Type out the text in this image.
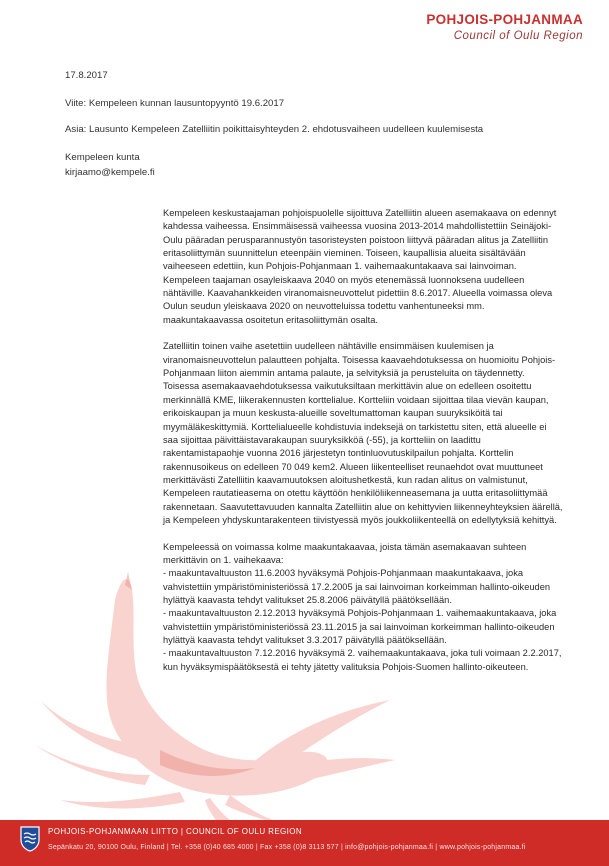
POHJOIS-POHJANMAA
Council of Oulu Region
17.8.2017
Viite: Kempeleen kunnan lausuntopyyntö 19.6.2017
Asia: Lausunto Kempeleen Zatelliitin poikittaisyhteyden 2. ehdotusvaiheen uudelleen kuulemisesta
Kempeleen kunta
kirjaamo@kempele.fi

Kempeleen keskustaajaman pohjoispuolelle sijoittuva Zatelliitin alueen asemakaava on edennyt kahdessa vaiheessa. Ensimmäisessä vaiheessa vuosina 2013-2014 mahdollistettiin Seinäjoki-Oulu pääradan perusparannustyön tasoristeysten poistoon liittyvä pääradan alitus ja Zatelliitin eritasoliittymän suunnittelun eteenpäin vieminen. Toiseen, kaupallisia alueita sisältävään vaiheeseen edettiin, kun Pohjois-Pohjanmaan 1. vaihemaakuntakaava sai lainvoiman. Kempeleen taajaman osayleiskaava 2040 on myös etenemässä luonnoksena uudelleen nähtäville. Kaavahankkeiden viranomaisneuvottelut pidettiin 8.6.2017. Alueella voimassa oleva Oulun seudun yleiskaava 2020 on neuvotteluissa todettu vanhentuneeksi mm. maakuntakaavassa osoitetun eritasoliittymän osalta.

Zatelliitin toinen vaihe asetettiin uudelleen nähtäville ensimmäisen kuulemisen ja viranomaisneuvottelun palautteen pohjalta. Toisessa kaavaehdotuksessa on huomioitu Pohjois-Pohjanmaan liiton aiemmin antama palaute, ja selvityksiä ja perusteluita on täydennetty. Toisessa asemakaavaehdotuksessa vaikutuksiltaan merkittävin alue on edelleen osoitettu merkinnällä KME, liikerakennusten korttelialue. Kortteliin voidaan sijoittaa tilaa vievän kaupan, erikoiskaupan ja muun keskusta-alueille soveltumattoman kaupan suuryksiköitä tai myymäläkeskittymiä. Korttelialueelle kohdistuvia indeksejä on tarkistettu siten, että alueelle ei saa sijoittaa päivittäistavarakaupan suuryksikköä (-55), ja kortteliin on laadittu rakentamistapaohje vuonna 2016 järjestetyn tontinluovutuskilpailun pohjalta. Korttelin rakennusoikeus on edelleen 70 049 kem2. Alueen liikenteelliset reunaehdot ovat muuttuneet merkittävästi Zatelliitin kaavamuutoksen aloitushetkestä, kun radan alitus on valmistunut, Kempeleen rautatieasema on otettu käyttöön henkilöliikenneasemana ja uutta eritasoliittymää rakennetaan. Saavutettavuuden kannalta Zatelliitin alue on kehittyvien liikenneyhteyksien äärellä, ja Kempeleen yhdyskuntarakenteen tiivistyessä myös joukkoliikenteellä on edellytyksiä kehittyä.

Kempeleessä on voimassa kolme maakuntakaavaa, joista tämän asemakaavan suhteen merkittävin on 1. vaihekaava:

- maakuntavaltuuston 11.6.2003 hyväksymä Pohjois-Pohjanmaan maakuntakaava, joka vahvistettiin ympäristöministeriössä 17.2.2005 ja sai lainvoiman korkeimman hallinto-oikeuden hylättyä kaavasta tehdyt valitukset 25.8.2006 päivätyllä päätöksellään.

- maakuntavaltuuston 2.12.2013 hyväksymä Pohjois-Pohjanmaan 1. vaihemaakuntakaava, joka vahvistettiin ympäristöministeriössä 23.11.2015 ja sai lainvoiman korkeimman hallinto-oikeuden hylättyä kaavasta tehdyt valitukset 3.3.2017 päivätyllä päätöksellään.

- maakuntavaltuuston 7.12.2016 hyväksymä 2. vaihemaakuntakaava, joka tuli voimaan 2.2.2017, kun hyväksymispäätöksestä ei tehty jätetty valituksia Pohjois-Suomen hallinto-oikeuteen.

POHJOIS-POHJANMAAN LIITTO | COUNCIL OF OULU REGION
Sepänkatu 20, 90100 Oulu, Finland | Tel. +358 (0)40 685 4000 | Fax +358 (0)8 3113 577 | info@pohjois-pohjanmaa.fi | www.pohjois-pohjanmaa.fi
